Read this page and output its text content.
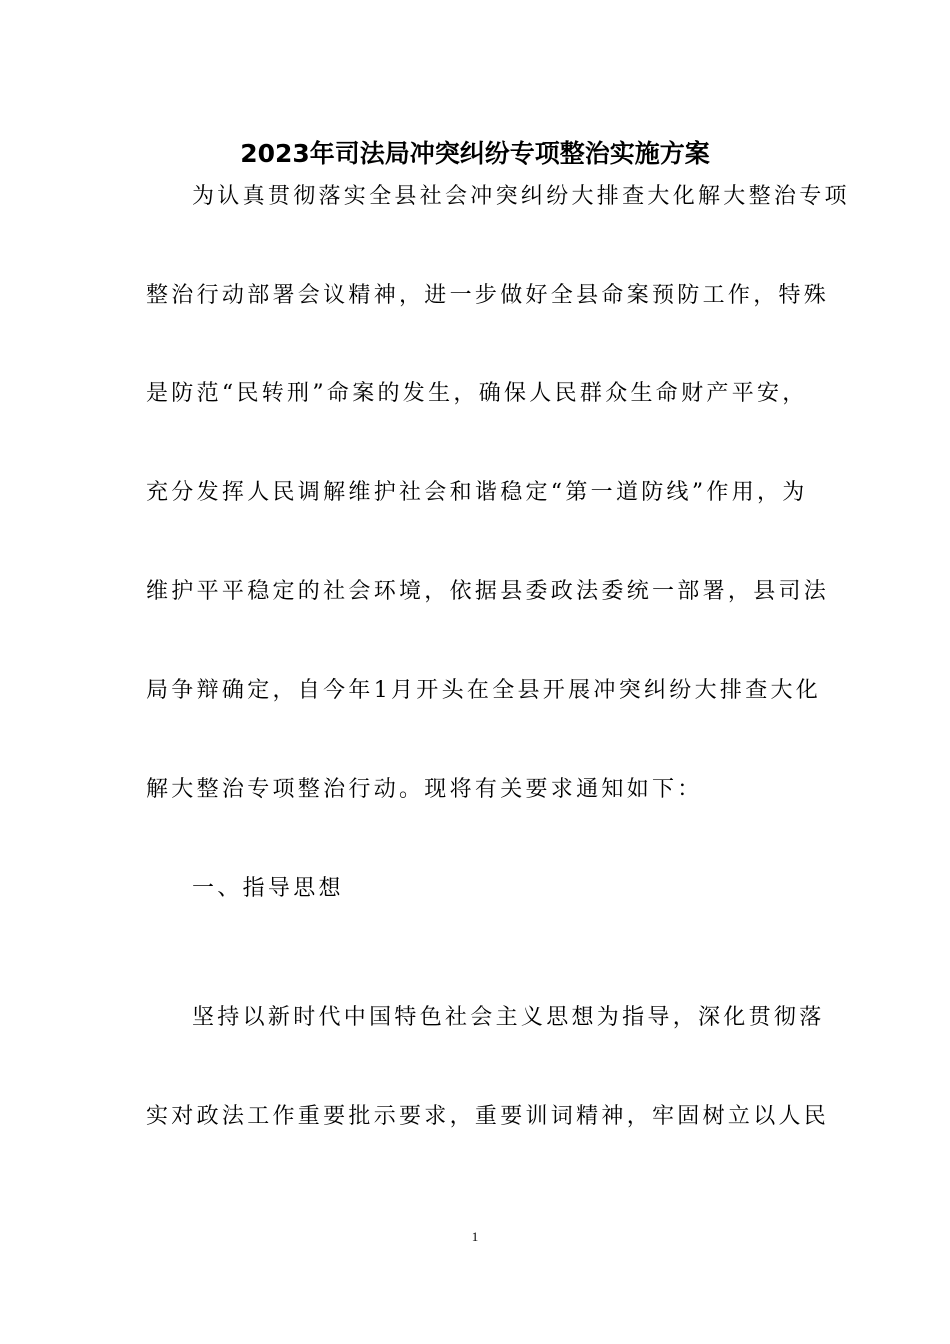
2023年司法局冲突纠纷专项整治实施方案
为认真贯彻落实全县社会冲突纠纷大排查大化解大整治专项
整治行动部署会议精神，进一步做好全县命案预防工作，特殊
是防范“民转刑”命案的发生，确保人民群众生命财产平安，
充分发挥人民调解维护社会和谐稳定“第一道防线”作用，为
维护平平稳定的社会环境，依据县委政法委统一部署，县司法
局争辩确定，自今年1月开头在全县开展冲突纠纷大排查大化
解大整治专项整治行动。现将有关要求通知如下：
一、指导思想
坚持以新时代中国特色社会主义思想为指导，深化贯彻落
实对政法工作重要批示要求，重要训词精神，牢固树立以人民
1
